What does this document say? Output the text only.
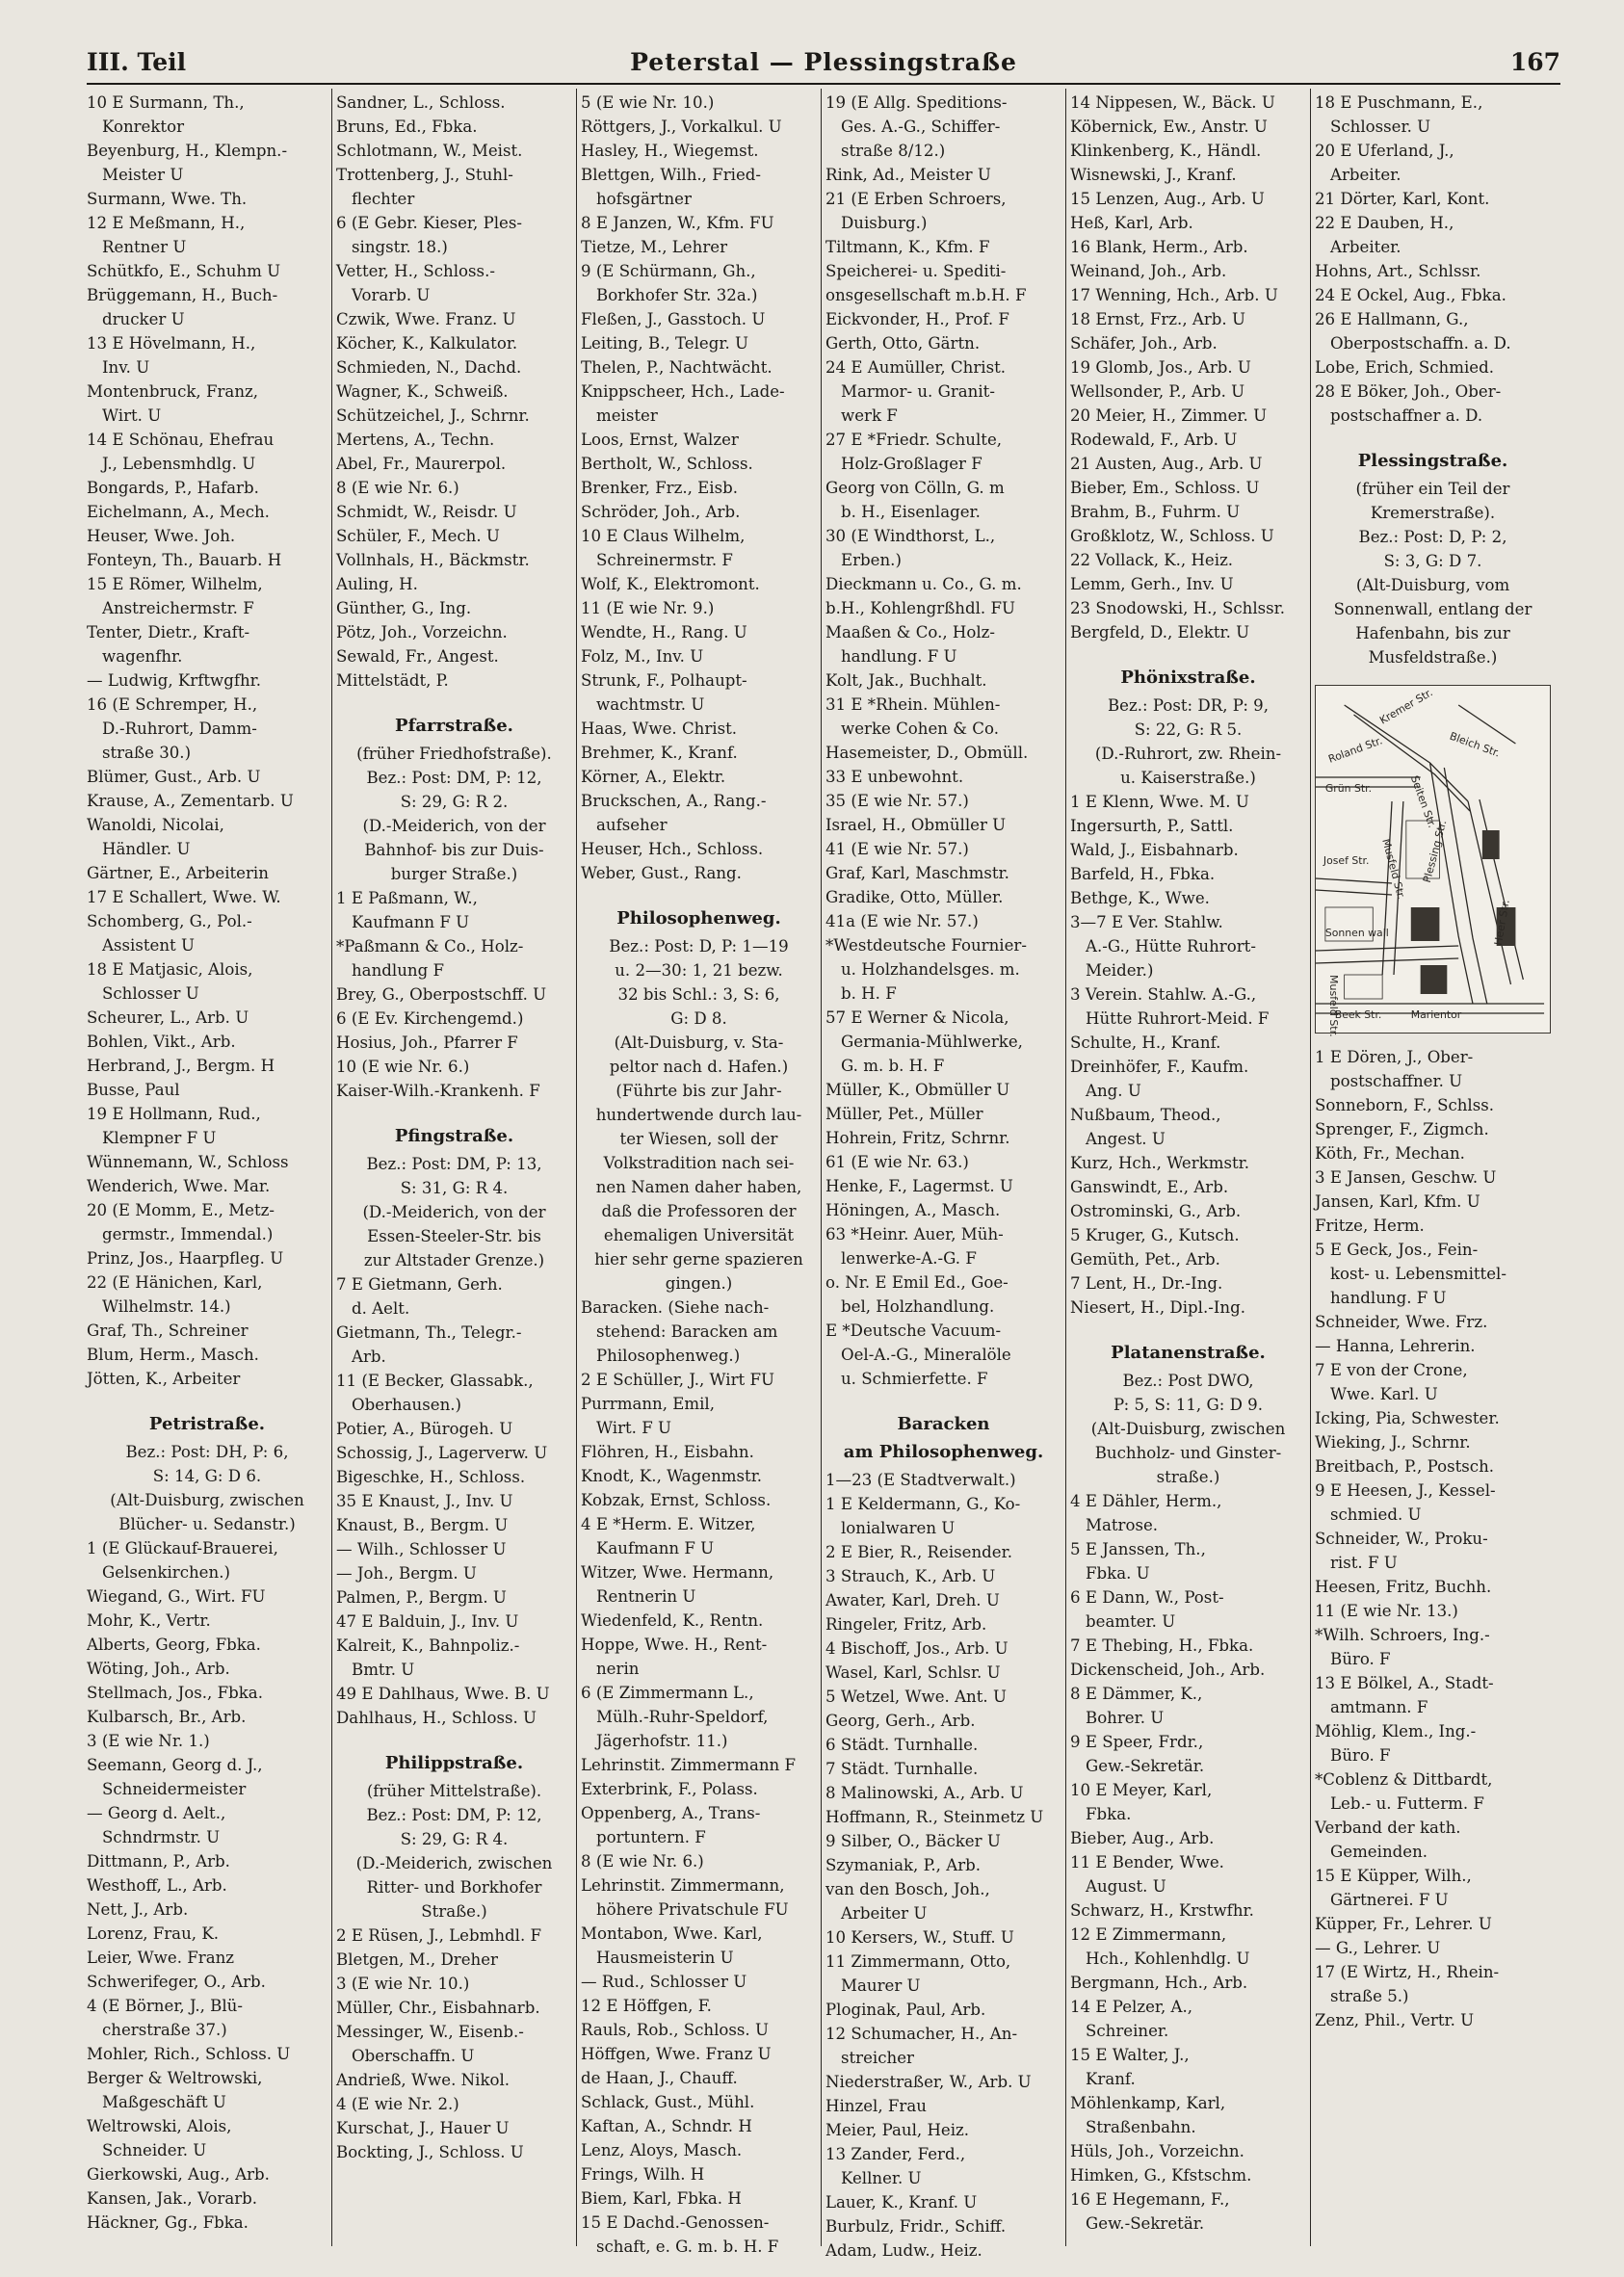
III. Teil	Peterstal — Plessingstraße	167
10 E Surmann, Th.,
Konrektor
Beyenburg, H., Klempn.-
Meister U
Surmann, Wwe. Th.
12 E Meßmann, H.,
Rentner U
Schütkfo, E., Schuhm U
Brüggemann, H., Buch-
drucker U
13 E Hövelmann, H.,
Inv. U
Montenbruck, Franz,
Wirt. U
14 E Schönau, Ehefrau
J., Lebensmhdlg. U
Bongards, P., Hafarb.
Eichelmann, A., Mech.
Heuser, Wwe. Joh.
Fonteyn, Th., Bauarb. H
15 E Römer, Wilhelm,
Anstreichermstr. F
Tenter, Dietr., Kraft-
wagenfhr.
— Ludwig, Krftwgfhr.
16 (E Schremper, H.,
D.-Ruhrort, Damm-
straße 30.)
Blümer, Gust., Arb. U
Krause, A., Zementarb. U
Wanoldi, Nicolai,
Händler. U
Gärtner, E., Arbeiterin
17 E Schallert, Wwe. W.
Schomberg, G., Pol.-
Assistent U
18 E Matjasic, Alois,
Schlosser U
Scheurer, L., Arb. U
Bohlen, Vikt., Arb.
Herbrand, J., Bergm. H
Busse, Paul
19 E Hollmann, Rud.,
Klempner F U
Wünnemann, W., Schloss
Wenderich, Wwe. Mar.
20 (E Momm, E., Metz-
germstr., Immendal.)
Prinz, Jos., Haarpfleg. U
22 (E Hänichen, Karl,
Wilhelmstr. 14.)
Graf, Th., Schreiner
Blum, Herm., Masch.
Jötten, K., Arbeiter
Petristraße.
Bez.: Post: DH, P: 6,
S: 14, G: D 6.
(Alt-Duisburg, zwischen
Blücher- u. Sedanstr.)
1 (E Glückauf-Brauerei,
Gelsenkirchen.)
Wiegand, G., Wirt. FU
Mohr, K., Vertr.
Alberts, Georg, Fbka.
Wöting, Joh., Arb.
Stellmach, Jos., Fbka.
Kulbarsch, Br., Arb.
3 (E wie Nr. 1.)
Seemann, Georg d. J.,
Schneidermeister
— Georg d. Aelt.,
Schndrmstr. U
Dittmann, P., Arb.
Westhoff, L., Arb.
Nett, J., Arb.
Lorenz, Frau, K.
Leier, Wwe. Franz
Schwerifeger, O., Arb.
4 (E Börner, J., Blü-
cherstraße 37.)
Mohler, Rich., Schloss. U
Berger & Weltrowski,
Maßgeschäft U
Weltrowski, Alois,
Schneider. U
Gierkowski, Aug., Arb.
Kansen, Jak., Vorarb.
Häckner, Gg., Fbka.
Sandner, L., Schloss.
Bruns, Ed., Fbka.
Schlotmann, W., Meist.
Trottenberg, J., Stuhl-
flechter
6 (E Gebr. Kieser, Ples-
singstr. 18.)
Vetter, H., Schloss.-
Vorarb. U
Czwik, Wwe. Franz. U
Köcher, K., Kalkulator.
Schmieden, N., Dachd.
Wagner, K., Schweiß.
Schützeichel, J., Schrnr.
Mertens, A., Techn.
Abel, Fr., Maurerpol.
8 (E wie Nr. 6.)
Schmidt, W., Reisdr. U
Schüler, F., Mech. U
Vollnhals, H., Bäckmstr.
Auling, H.
Günther, G., Ing.
Pötz, Joh., Vorzeichn.
Sewald, Fr., Angest.
Mittelstädt, P.
Pfarrstraße.
(früher Friedhofstraße).
Bez.: Post: DM, P: 12,
S: 29, G: R 2.
(D.-Meiderich, von der
Bahnhof- bis zur Duis-
burger Straße.)
1 E Paßmann, W.,
Kaufmann F U
*Paßmann & Co., Holz-
handlung F
Brey, G., Oberpostschff. U
6 (E Ev. Kirchengemd.)
Hosius, Joh., Pfarrer F
10 (E wie Nr. 6.)
Kaiser-Wilh.-Krankenh. F
Pfingstraße.
Bez.: Post: DM, P: 13,
S: 31, G: R 4.
(D.-Meiderich, von der
Essen-Steeler-Str. bis
zur Altstader Grenze.)
7 E Gietmann, Gerh.
d. Aelt.
Gietmann, Th., Telegr.-
Arb.
11 (E Becker, Glassabk.,
Oberhausen.)
Potier, A., Bürogeh. U
Schossig, J., Lagerverw. U
Bigeschke, H., Schloss.
35 E Knaust, J., Inv. U
Knaust, B., Bergm. U
— Wilh., Schlosser U
— Joh., Bergm. U
Palmen, P., Bergm. U
47 E Balduin, J., Inv. U
Kalreit, K., Bahnpoliz.-
Bmtr. U
49 E Dahlhaus, Wwe. B. U
Dahlhaus, H., Schloss. U
Philippstraße.
(früher Mittelstraße).
Bez.: Post: DM, P: 12,
S: 29, G: R 4.
(D.-Meiderich, zwischen
Ritter- und Borkhofer
Straße.)
2 E Rüsen, J., Lebmhdl. F
Bletgen, M., Dreher
3 (E wie Nr. 10.)
Müller, Chr., Eisbahnarb.
Messinger, W., Eisenb.-
Oberschaffn. U
Andrieß, Wwe. Nikol.
4 (E wie Nr. 2.)
Kurschat, J., Hauer U
Bockting, J., Schloss. U
5 (E wie Nr. 10.)
Röttgers, J., Vorkalkul. U
Hasley, H., Wiegemst.
Blettgen, Wilh., Fried-
hofsgärtner
8 E Janzen, W., Kfm. FU
Tietze, M., Lehrer
9 (E Schürmann, Gh.,
Borkhofer Str. 32a.)
Fleßen, J., Gasstoch. U
Leiting, B., Telegr. U
Thelen, P., Nachtwächt.
Knippscheer, Hch., Lade-
meister
Loos, Ernst, Walzer
Bertholt, W., Schloss.
Brenker, Frz., Eisb.
Schröder, Joh., Arb.
10 E Claus Wilhelm,
Schreinermstr. F
Wolf, K., Elektromont.
11 (E wie Nr. 9.)
Wendte, H., Rang. U
Folz, M., Inv. U
Strunk, F., Polhaupt-
wachtmstr. U
Haas, Wwe. Christ.
Brehmer, K., Kranf.
Körner, A., Elektr.
Bruckschen, A., Rang.-
aufseher
Heuser, Hch., Schloss.
Weber, Gust., Rang.
Philosophenweg.
Bez.: Post: D, P: 1—19
u. 2—30: 1, 21 bezw.
32 bis Schl.: 3, S: 6,
G: D 8.
(Alt-Duisburg, v. Sta-
peltor nach d. Hafen.)
(Führte bis zur Jahr-
hundertwende durch lau-
ter Wiesen, soll der
Volkstradition nach sei-
nen Namen daher haben,
daß die Professoren der
ehemaligen Universität
hier sehr gerne spazieren
gingen.)
Baracken. (Siehe nach-
stehend: Baracken am
Philosophenweg.)
2 E Schüller, J., Wirt FU
Purrmann, Emil,
Wirt. F U
Flöhren, H., Eisbahn.
Knodt, K., Wagenmstr.
Kobzak, Ernst, Schloss.
4 E *Herm. E. Witzer,
Kaufmann F U
Witzer, Wwe. Hermann,
Rentnerin U
Wiedenfeld, K., Rentn.
Hoppe, Wwe. H., Rent-
nerin
6 (E Zimmermann L.,
Mülh.-Ruhr-Speldorf,
Jägerhofstr. 11.)
Lehrinstit. Zimmermann F
Exterbrink, F., Polass.
Oppenberg, A., Trans-
portuntern. F
8 (E wie Nr. 6.)
Lehrinstit. Zimmermann,
höhere Privatschule FU
Montabon, Wwe. Karl,
Hausmeisterin U
— Rud., Schlosser U
12 E Höffgen, F.
Rauls, Rob., Schloss. U
Höffgen, Wwe. Franz U
de Haan, J., Chauff.
Schlack, Gust., Mühl.
Kaftan, A., Schndr. H
Lenz, Aloys, Masch.
Frings, Wilh. H
Biem, Karl, Fbka. H
15 E Dachd.-Genossen-
schaft, e. G. m. b. H. F
19 (E Allg. Speditions-
Ges. A.-G., Schiffer-
straße 8/12.)
Rink, Ad., Meister U
21 (E Erben Schroers,
Duisburg.)
Tiltmann, K., Kfm. F
Speicherei- u. Spediti-
onsgesellschaft m.b.H. F
Eickvonder, H., Prof. F
Gerth, Otto, Gärtn.
24 E Aumüller, Christ.
Marmor- u. Granit-
werk F
27 E *Friedr. Schulte,
Holz-Großlager F
Georg von Cölln, G. m
b. H., Eisenlager.
30 (E Windthorst, L.,
Erben.)
Dieckmann u. Co., G. m.
b.H., Kohlengrßhdl. FU
Maaßen & Co., Holz-
handlung. F U
Kolt, Jak., Buchhalt.
31 E *Rhein. Mühlen-
werke Cohen & Co.
Hasemeister, D., Obmüll.
33 E unbewohnt.
35 (E wie Nr. 57.)
Israel, H., Obmüller U
41 (E wie Nr. 57.)
Graf, Karl, Maschmstr.
Gradike, Otto, Müller.
41a (E wie Nr. 57.)
*Westdeutsche Fournier-
u. Holzhandelsges. m.
b. H. F
57 E Werner & Nicola,
Germania-Mühlwerke,
G. m. b. H. F
Müller, K., Obmüller U
Müller, Pet., Müller
Hohrein, Fritz, Schrnr.
61 (E wie Nr. 63.)
Henke, F., Lagermst. U
Höningen, A., Masch.
63 *Heinr. Auer, Müh-
lenwerke-A.-G. F
o. Nr. E Emil Ed., Goe-
bel, Holzhandlung.
E *Deutsche Vacuum-
Oel-A.-G., Mineralöle
u. Schmierfette. F
Baracken
am Philosophenweg.
1—23 (E Stadtverwalt.)
1 E Keldermann, G., Ko-
lonialwaren U
2 E Bier, R., Reisender.
3 Strauch, K., Arb. U
Awater, Karl, Dreh. U
Ringeler, Fritz, Arb.
4 Bischoff, Jos., Arb. U
Wasel, Karl, Schlsr. U
5 Wetzel, Wwe. Ant. U
Georg, Gerh., Arb.
6 Städt. Turnhalle.
7 Städt. Turnhalle.
8 Malinowski, A., Arb. U
Hoffmann, R., Steinmetz U
9 Silber, O., Bäcker U
Szymaniak, P., Arb.
van den Bosch, Joh.,
Arbeiter U
10 Kersers, W., Stuff. U
11 Zimmermann, Otto,
Maurer U
Ploginak, Paul, Arb.
12 Schumacher, H., An-
streicher
Niederstraßer, W., Arb. U
Hinzel, Frau
Meier, Paul, Heiz.
13 Zander, Ferd.,
Kellner. U
Lauer, K., Kranf. U
Burbulz, Fridr., Schiff.
Adam, Ludw., Heiz.
14 Nippesen, W., Bäck. U
Köbernick, Ew., Anstr. U
Klinkenberg, K., Händl.
Wisnewski, J., Kranf.
15 Lenzen, Aug., Arb. U
Heß, Karl, Arb.
16 Blank, Herm., Arb.
Weinand, Joh., Arb.
17 Wenning, Hch., Arb. U
18 Ernst, Frz., Arb. U
Schäfer, Joh., Arb.
19 Glomb, Jos., Arb. U
Wellsonder, P., Arb. U
20 Meier, H., Zimmer. U
Rodewald, F., Arb. U
21 Austen, Aug., Arb. U
Bieber, Em., Schloss. U
Brahm, B., Fuhrm. U
Großklotz, W., Schloss. U
22 Vollack, K., Heiz.
Lemm, Gerh., Inv. U
23 Snodowski, H., Schlssr.
Bergfeld, D., Elektr. U
Phönixstraße.
Bez.: Post: DR, P: 9,
S: 22, G: R 5.
(D.-Ruhrort, zw. Rhein-
u. Kaiserstraße.)
1 E Klenn, Wwe. M. U
Ingersurth, P., Sattl.
Wald, J., Eisbahnarb.
Barfeld, H., Fbka.
Bethge, K., Wwe.
3—7 E Ver. Stahlw.
A.-G., Hütte Ruhrort-
Meider.)
3 Verein. Stahlw. A.-G.,
Hütte Ruhrort-Meid. F
Schulte, H., Kranf.
Dreinhöfer, F., Kaufm.
Ang. U
Nußbaum, Theod.,
Angest. U
Kurz, Hch., Werkmstr.
Ganswindt, E., Arb.
Ostrominski, G., Arb.
5 Kruger, G., Kutsch.
Gemüth, Pet., Arb.
7 Lent, H., Dr.-Ing.
Niesert, H., Dipl.-Ing.
Platanenstraße.
Bez.: Post DWO,
P: 5, S: 11, G: D 9.
(Alt-Duisburg, zwischen
Buchholz- und Ginster-
straße.)
4 E Dähler, Herm.,
Matrose.
5 E Janssen, Th.,
Fbka. U
6 E Dann, W., Post-
beamter. U
7 E Thebing, H., Fbka.
Dickenscheid, Joh., Arb.
8 E Dämmer, K.,
Bohrer. U
9 E Speer, Frdr.,
Gew.-Sekretär.
10 E Meyer, Karl,
Fbka.
Bieber, Aug., Arb.
11 E Bender, Wwe.
August. U
Schwarz, H., Krstwfhr.
12 E Zimmermann,
Hch., Kohlenhdlg. U
Bergmann, Hch., Arb.
14 E Pelzer, A.,
Schreiner.
15 E Walter, J.,
Kranf.
Möhlenkamp, Karl,
Straßenbahn.
Hüls, Joh., Vorzeichn.
Himken, G., Kfstschm.
16 E Hegemann, F.,
Gew.-Sekretär.
18 E Puschmann, E.,
Schlosser. U
20 E Uferland, J.,
Arbeiter.
21 Dörter, Karl, Kont.
22 E Dauben, H.,
Arbeiter.
Hohns, Art., Schlssr.
24 E Ockel, Aug., Fbka.
26 E Hallmann, G.,
Oberpostschaffn. a. D.
Lobe, Erich, Schmied.
28 E Böker, Joh., Ober-
postschaffner a. D.
Plessingstraße.
(früher ein Teil der
Kremerstraße).
Bez.: Post: D, P: 2,
S: 3, G: D 7.
(Alt-Duisburg, vom
Sonnenwall, entlang der
Hafenbahn, bis zur
Musfeldstraße.)
Kremer Str.
Bleich Str.
Roland Str.
Grün Str.	Seiten Str.
Musfeld Str.
Josef Str.	Plessing Str.
Sonnen wall	Heer Str.
Musfeld Str.
Beek Str.	Marientor
1 E Dören, J., Ober-
postschaffner. U
Sonneborn, F., Schlss.
Sprenger, F., Zigmch.
Köth, Fr., Mechan.
3 E Jansen, Geschw. U
Jansen, Karl, Kfm. U
Fritze, Herm.
5 E Geck, Jos., Fein-
kost- u. Lebensmittel-
handlung. F U
Schneider, Wwe. Frz.
— Hanna, Lehrerin.
7 E von der Crone,
Wwe. Karl. U
Icking, Pia, Schwester.
Wieking, J., Schrnr.
Breitbach, P., Postsch.
9 E Heesen, J., Kessel-
schmied. U
Schneider, W., Proku-
rist. F U
Heesen, Fritz, Buchh.
11 (E wie Nr. 13.)
*Wilh. Schroers, Ing.-
Büro. F
13 E Bölkel, A., Stadt-
amtmann. F
Möhlig, Klem., Ing.-
Büro. F
*Coblenz & Dittbardt,
Leb.- u. Futterm. F
Verband der kath.
Gemeinden.
15 E Küpper, Wilh.,
Gärtnerei. F U
Küpper, Fr., Lehrer. U
— G., Lehrer. U
17 (E Wirtz, H., Rhein-
straße 5.)
Zenz, Phil., Vertr. U
